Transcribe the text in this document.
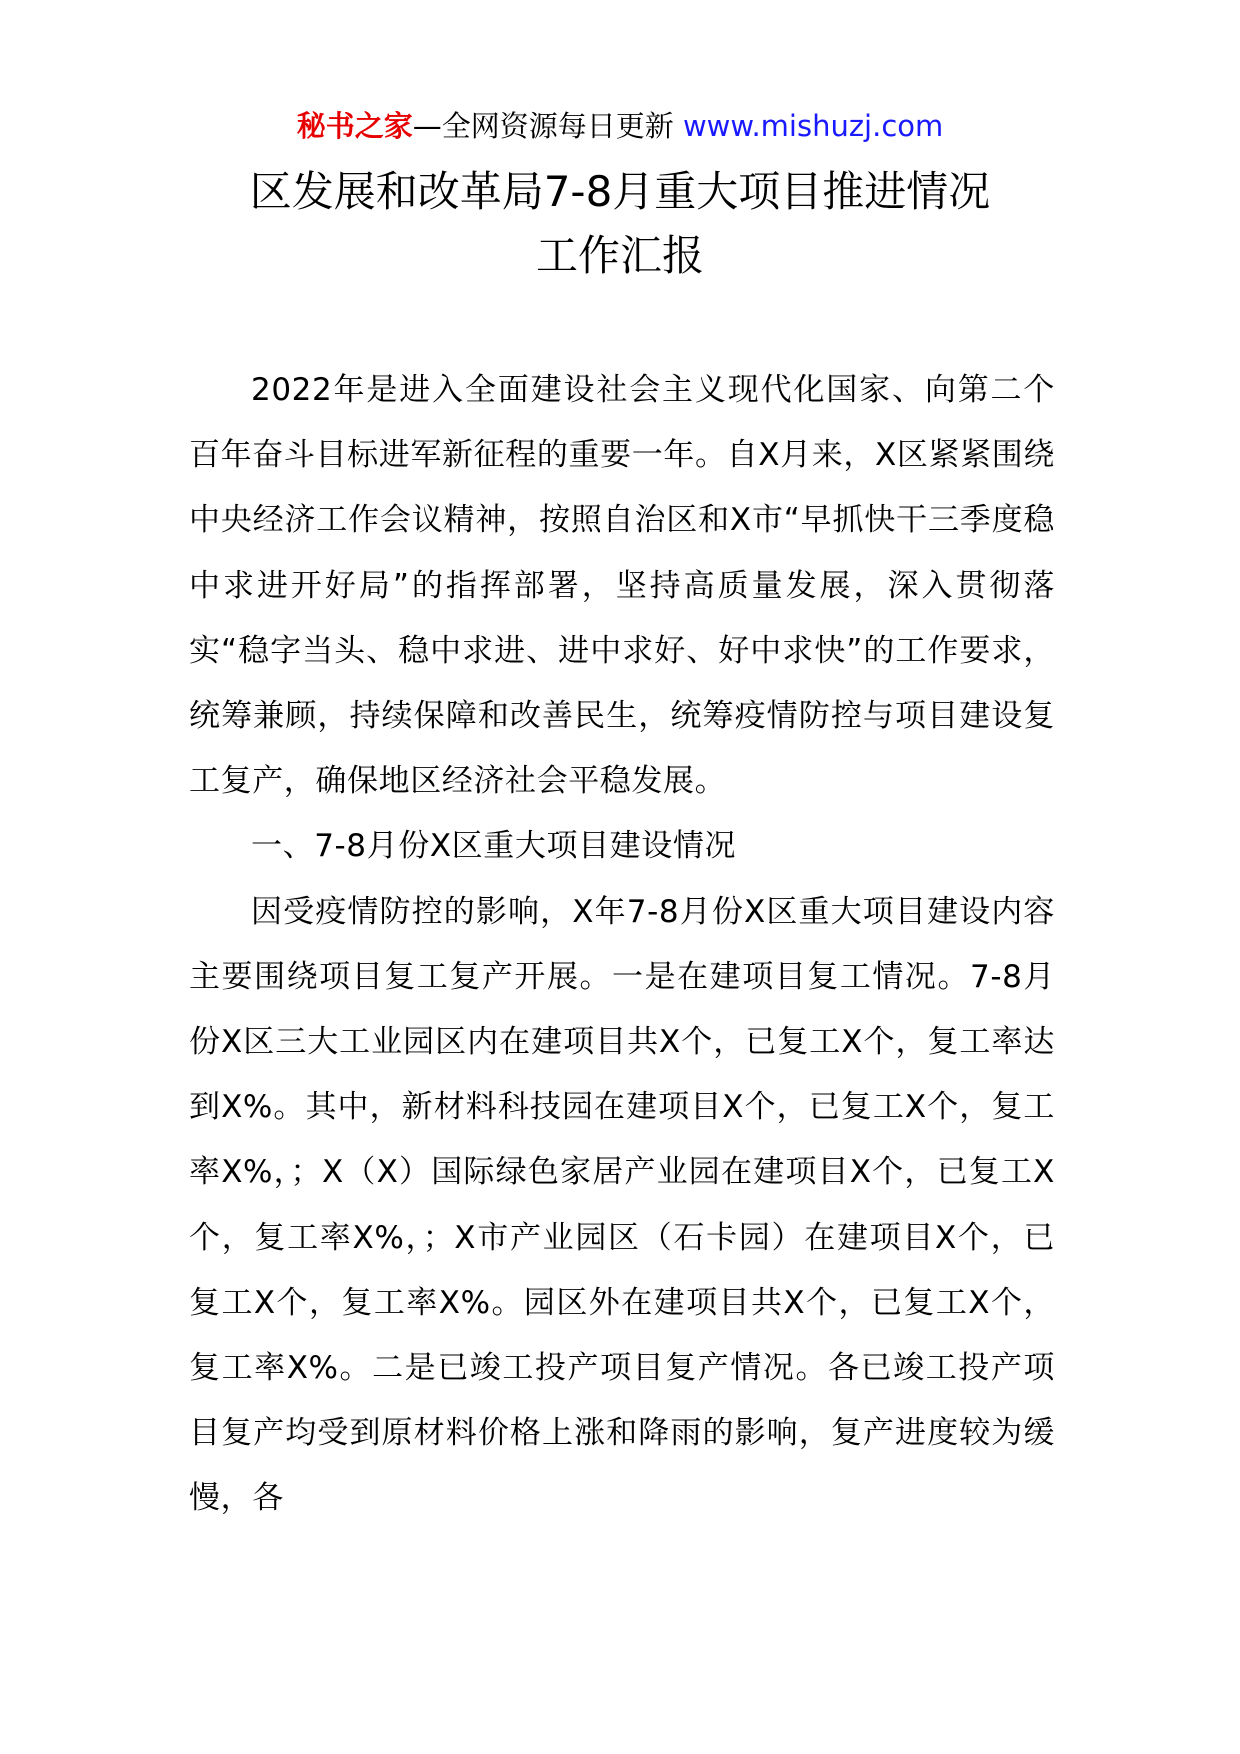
秘书之家—全网资源每日更新 www.mishuzj.com
区发展和改革局7-8月重大项目推进情况
工作汇报

2022年是进入全面建设社会主义现代化国家、向第二个百年奋斗目标进军新征程的重要一年。自X月来，X区紧紧围绕中央经济工作会议精神，按照自治区和X市“早抓快干三季度稳中求进开好局”的指挥部署，坚持高质量发展，深入贯彻落实“稳字当头、稳中求进、进中求好、好中求快”的工作要求，统筹兼顾，持续保障和改善民生，统筹疫情防控与项目建设复工复产，确保地区经济社会平稳发展。

一、7-8月份X区重大项目建设情况

因受疫情防控的影响，X年7-8月份X区重大项目建设内容主要围绕项目复工复产开展。一是在建项目复工情况。7-8月份X区三大工业园区内在建项目共X个，已复工X个，复工率达到X%。其中，新材料科技园在建项目X个，已复工X个，复工率X%，；X（X）国际绿色家居产业园在建项目X个，已复工X个，复工率X%，；X市产业园区（石卡园）在建项目X个，已复工X个，复工率X%。园区外在建项目共X个，已复工X个，复工率X%。二是已竣工投产项目复产情况。各已竣工投产项目复产均受到原材料价格上涨和降雨的影响，复产进度较为缓慢，各
